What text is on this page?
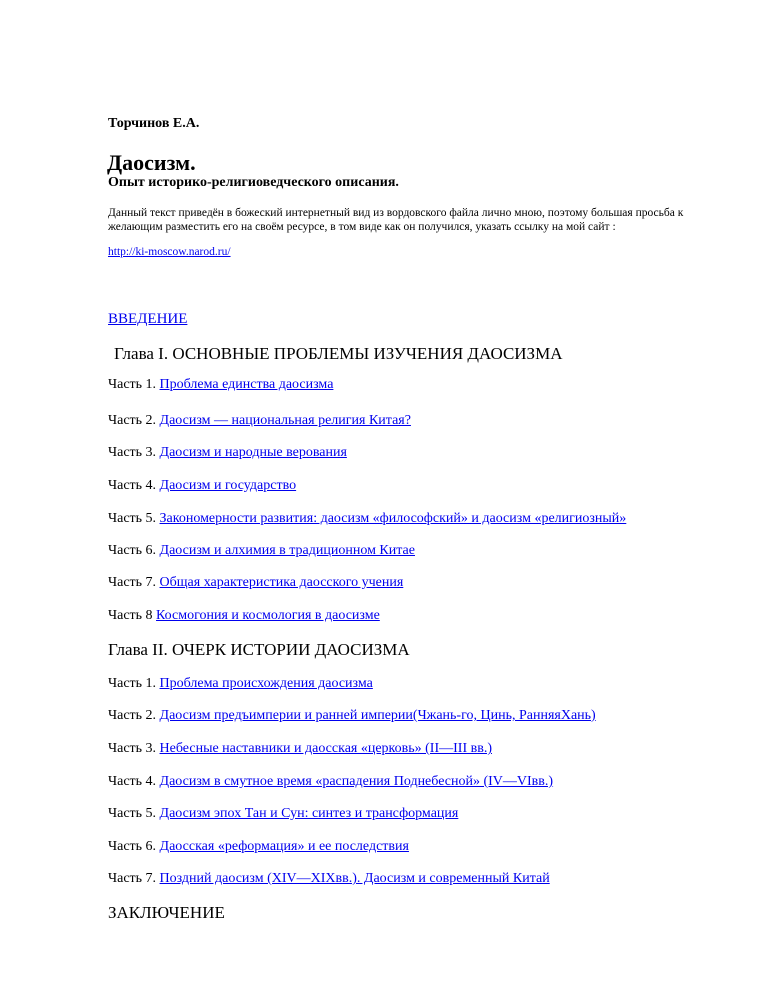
Торчинов Е.А.
Даосизм.
Опыт историко-религиоведческого описания.
Данный текст приведён в божеский интернетный вид из вордовского файла лично мною, поэтому большая просьба к желающим разместить его на своём ресурсе, в том виде как он получился, указать ссылку на мой сайт :
http://ki-moscow.narod.ru/
ВВЕДЕНИЕ
Глава I. ОСНОВНЫЕ ПРОБЛЕМЫ ИЗУЧЕНИЯ ДАОСИЗМА
Часть 1. Проблема единства даосизма
Часть 2. Даосизм — национальная религия Китая?
Часть 3. Даосизм и народные верования
Часть 4. Даосизм и государство
Часть 5. Закономерности развития: даосизм «философский» и даосизм «религиозный»
Часть 6. Даосизм и алхимия в традиционном Китае
Часть 7. Общая характеристика даосского учения
Часть 8 Космогония и космология в даосизме
Глава II. ОЧЕРК ИСТОРИИ ДАОСИЗМА
Часть 1. Проблема происхождения даосизма
Часть 2. Даосизм предъимперии и ранней империи(Чжань-го, Цинь, РанняяХань)
Часть 3. Небесные наставники и даосская «церковь» (II—III вв.)
Часть 4. Даосизм в смутное время «распадения Поднебесной» (IV—VIвв.)
Часть 5. Даосизм эпох Тан и Сун: синтез и трансформация
Часть 6. Даосская «реформация» и ее последствия
Часть 7. Поздний даосизм (XIV—XIXвв.). Даосизм и современный Китай
ЗАКЛЮЧЕНИЕ
